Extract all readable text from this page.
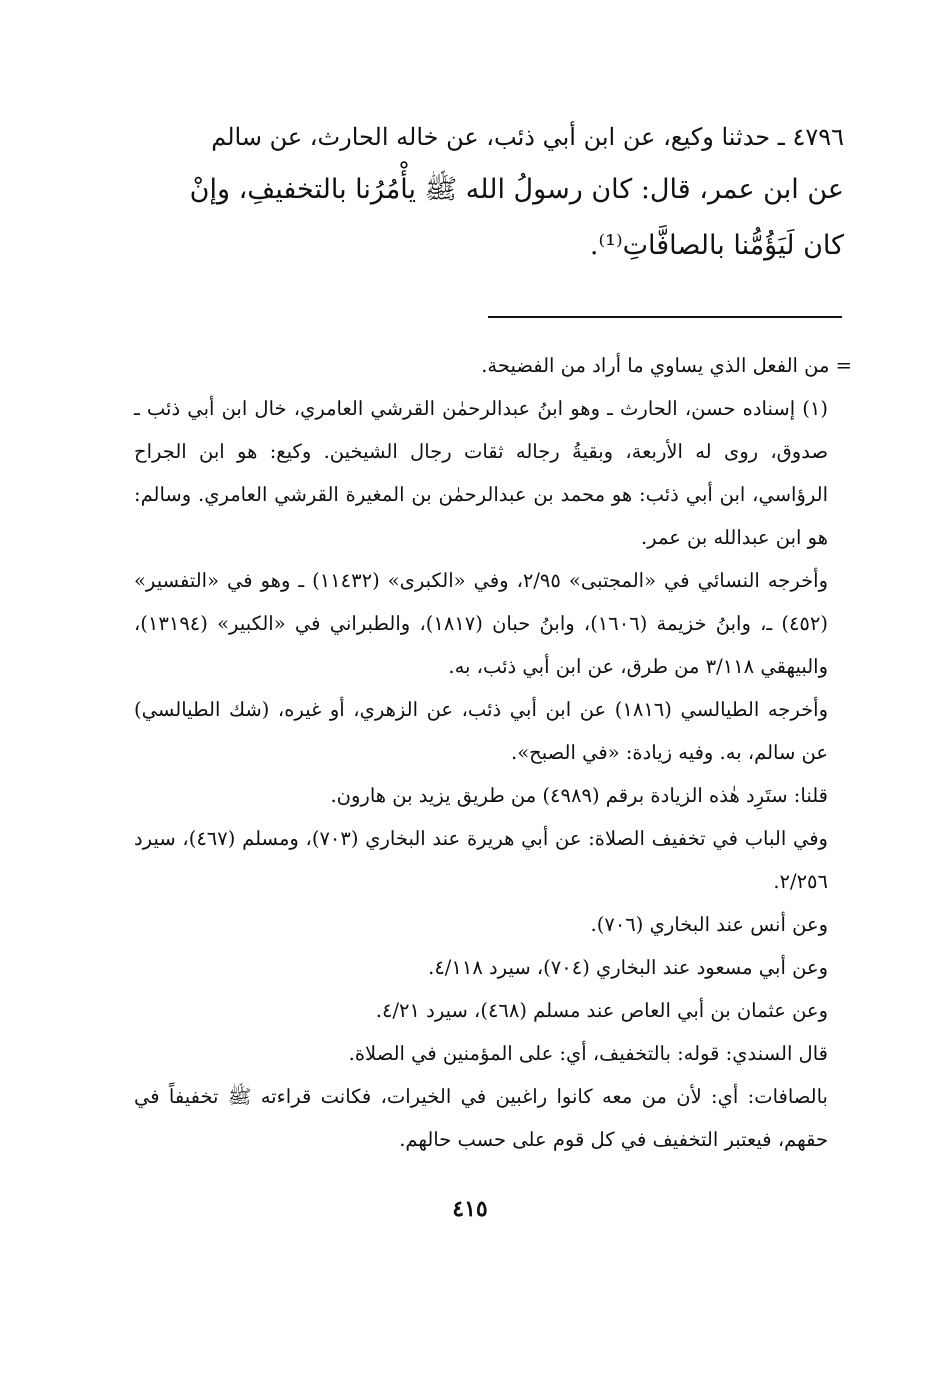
٤٧٩٦ ـ حدثنا وكيع، عن ابن أبي ذئب، عن خاله الحارث، عن سالم

عن ابن عمر، قال: كان رسولُ الله ﷺ يأْمُرُنا بالتخفيفِ، وإنْ

كان لَيَؤُمُّنا بالصافَّاتِ⁽¹⁾.

= من الفعل الذي يساوي ما أراد من الفضيحة.

(١) إسناده حسن، الحارث ـ وهو ابنُ عبدالرحمٰن القرشي العامري، خال ابن أبي ذئب ـ صدوق، روى له الأربعة، وبقيةُ رجاله ثقات رجال الشيخين. وكيع: هو ابن الجراح الرؤاسي، ابن أبي ذئب: هو محمد بن عبدالرحمٰن بن المغيرة القرشي العامري. وسالم: هو ابن عبدالله بن عمر.

وأخرجه النسائي في «المجتبى» ٢/٩٥، وفي «الكبرى» (١١٤٣٢) ـ وهو في «التفسير» (٤٥٢) ـ، وابنُ خزيمة (١٦٠٦)، وابنُ حبان (١٨١٧)، والطبراني في «الكبير» (١٣١٩٤)، والبيهقي ٣/١١٨ من طرق، عن ابن أبي ذئب، به.

وأخرجه الطيالسي (١٨١٦) عن ابن أبي ذئب، عن الزهري، أو غيره، (شك الطيالسي) عن سالم، به. وفيه زيادة: «في الصبح».

قلنا: ستَرِد هٰذه الزيادة برقم (٤٩٨٩) من طريق يزيد بن هارون.

وفي الباب في تخفيف الصلاة: عن أبي هريرة عند البخاري (٧٠٣)، ومسلم (٤٦٧)، سيرد ٢/٢٥٦.

وعن أنس عند البخاري (٧٠٦).

وعن أبي مسعود عند البخاري (٧٠٤)، سيرد ٤/١١٨.

وعن عثمان بن أبي العاص عند مسلم (٤٦٨)، سيرد ٤/٢١.

قال السندي: قوله: بالتخفيف، أي: على المؤمنين في الصلاة.

بالصافات: أي: لأن من معه كانوا راغبين في الخيرات، فكانت قراءته ﷺ تخفيفاً في حقهم، فيعتبر التخفيف في كل قوم على حسب حالهم.

٤١٥
